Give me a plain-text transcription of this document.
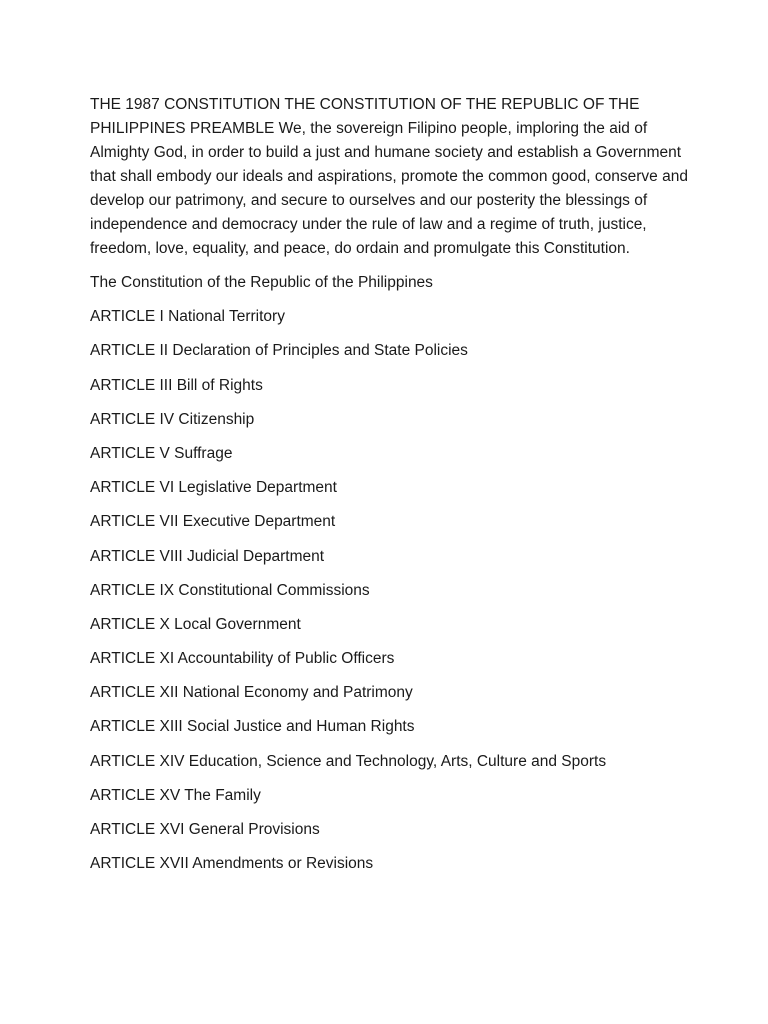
THE 1987 CONSTITUTION THE CONSTITUTION OF THE REPUBLIC OF THE PHILIPPINES PREAMBLE We, the sovereign Filipino people, imploring the aid of Almighty God, in order to build a just and humane society and establish a Government that shall embody our ideals and aspirations, promote the common good, conserve and develop our patrimony, and secure to ourselves and our posterity the blessings of independence and democracy under the rule of law and a regime of truth, justice, freedom, love, equality, and peace, do ordain and promulgate this Constitution.

The Constitution of the Republic of the Philippines

ARTICLE I National Territory
ARTICLE II Declaration of Principles and State Policies
ARTICLE III Bill of Rights
ARTICLE IV Citizenship
ARTICLE V Suffrage
ARTICLE VI Legislative Department
ARTICLE VII Executive Department
ARTICLE VIII Judicial Department
ARTICLE IX Constitutional Commissions
ARTICLE X Local Government
ARTICLE XI Accountability of Public Officers
ARTICLE XII National Economy and Patrimony
ARTICLE XIII Social Justice and Human Rights
ARTICLE XIV Education, Science and Technology, Arts, Culture and Sports
ARTICLE XV The Family
ARTICLE XVI General Provisions
ARTICLE XVII Amendments or Revisions
